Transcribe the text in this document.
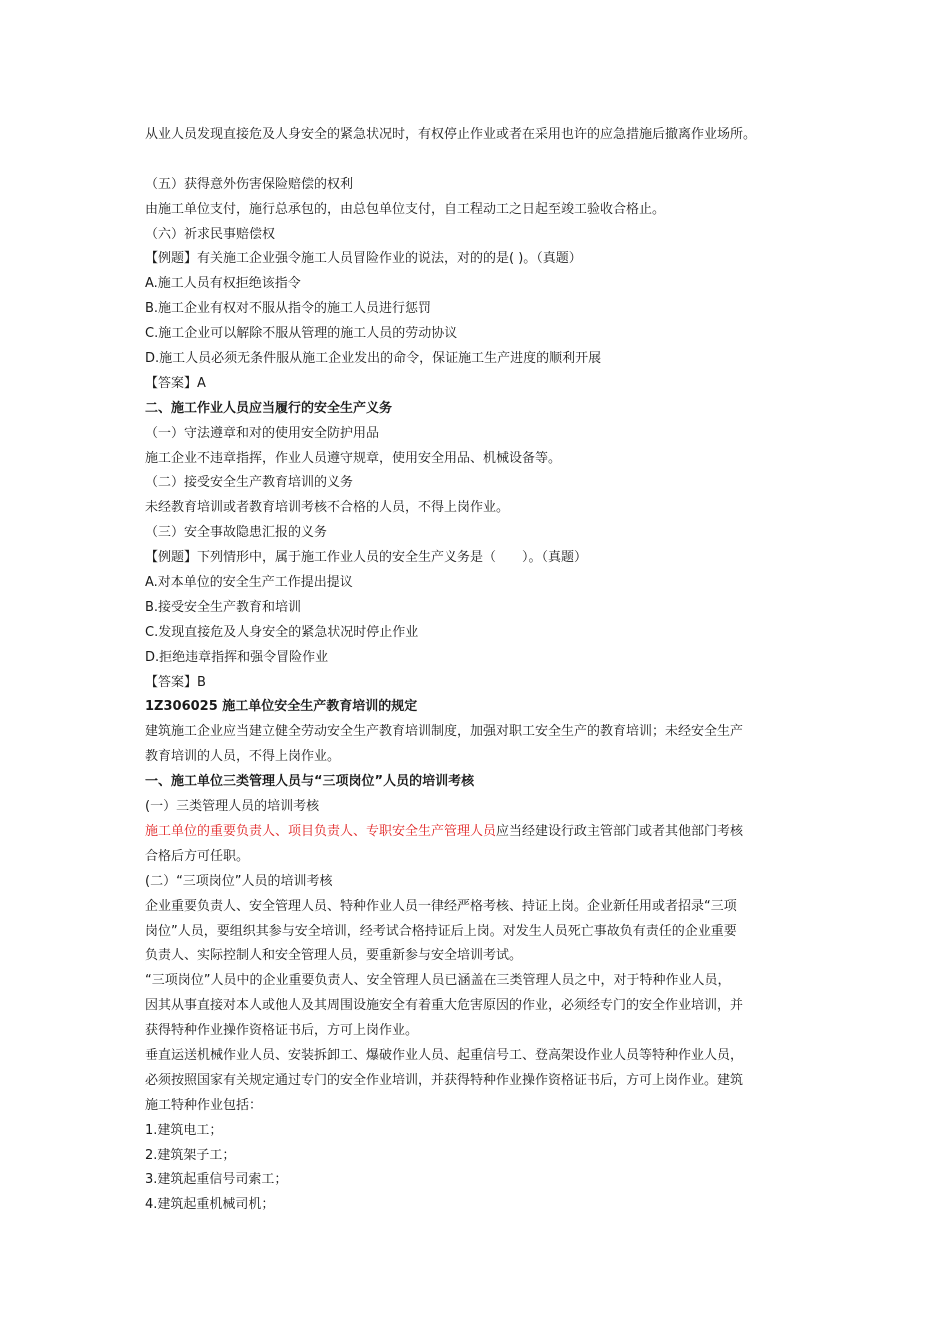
从业人员发现直接危及人身安全的紧急状况时，有权停止作业或者在采用也许的应急措施后撤离作业场所。
（五）获得意外伤害保险赔偿的权利
由施工单位支付，施行总承包的，由总包单位支付，自工程动工之日起至竣工验收合格止。
（六）祈求民事赔偿权
【例题】有关施工企业强令施工人员冒险作业的说法，对的的是( )。（真题）
A.施工人员有权拒绝该指令
B.施工企业有权对不服从指令的施工人员进行惩罚
C.施工企业可以解除不服从管理的施工人员的劳动协议
D.施工人员必须无条件服从施工企业发出的命令，保证施工生产进度的顺利开展
【答案】A
二、施工作业人员应当履行的安全生产义务
（一）守法遵章和对的使用安全防护用品
施工企业不违章指挥，作业人员遵守规章，使用安全用品、机械设备等。
（二）接受安全生产教育培训的义务
未经教育培训或者教育培训考核不合格的人员，不得上岗作业。
（三）安全事故隐患汇报的义务
【例题】下列情形中，属于施工作业人员的安全生产义务是（　　）。（真题）
A.对本单位的安全生产工作提出提议
B.接受安全生产教育和培训
C.发现直接危及人身安全的紧急状况时停止作业
D.拒绝违章指挥和强令冒险作业
【答案】B
1Z306025 施工单位安全生产教育培训的规定
建筑施工企业应当建立健全劳动安全生产教育培训制度，加强对职工安全生产的教育培训；未经安全生产
教育培训的人员，不得上岗作业。
一、施工单位三类管理人员与“三项岗位”人员的培训考核
(一）三类管理人员的培训考核
施工单位的重要负责人、项目负责人、专职安全生产管理人员应当经建设行政主管部门或者其他部门考核
合格后方可任职。
(二）“三项岗位”人员的培训考核
企业重要负责人、安全管理人员、特种作业人员一律经严格考核、持证上岗。企业新任用或者招录“三项
岗位”人员，要组织其参与安全培训，经考试合格持证后上岗。对发生人员死亡事故负有责任的企业重要
负责人、实际控制人和安全管理人员，要重新参与安全培训考试。
“三项岗位”人员中的企业重要负责人、安全管理人员已涵盖在三类管理人员之中，对于特种作业人员，
因其从事直接对本人或他人及其周围设施安全有着重大危害原因的作业，必须经专门的安全作业培训，并
获得特种作业操作资格证书后，方可上岗作业。
垂直运送机械作业人员、安装拆卸工、爆破作业人员、起重信号工、登高架设作业人员等特种作业人员，
必须按照国家有关规定通过专门的安全作业培训，并获得特种作业操作资格证书后，方可上岗作业。建筑
施工特种作业包括：
1.建筑电工；
2.建筑架子工；
3.建筑起重信号司索工；
4.建筑起重机械司机；
